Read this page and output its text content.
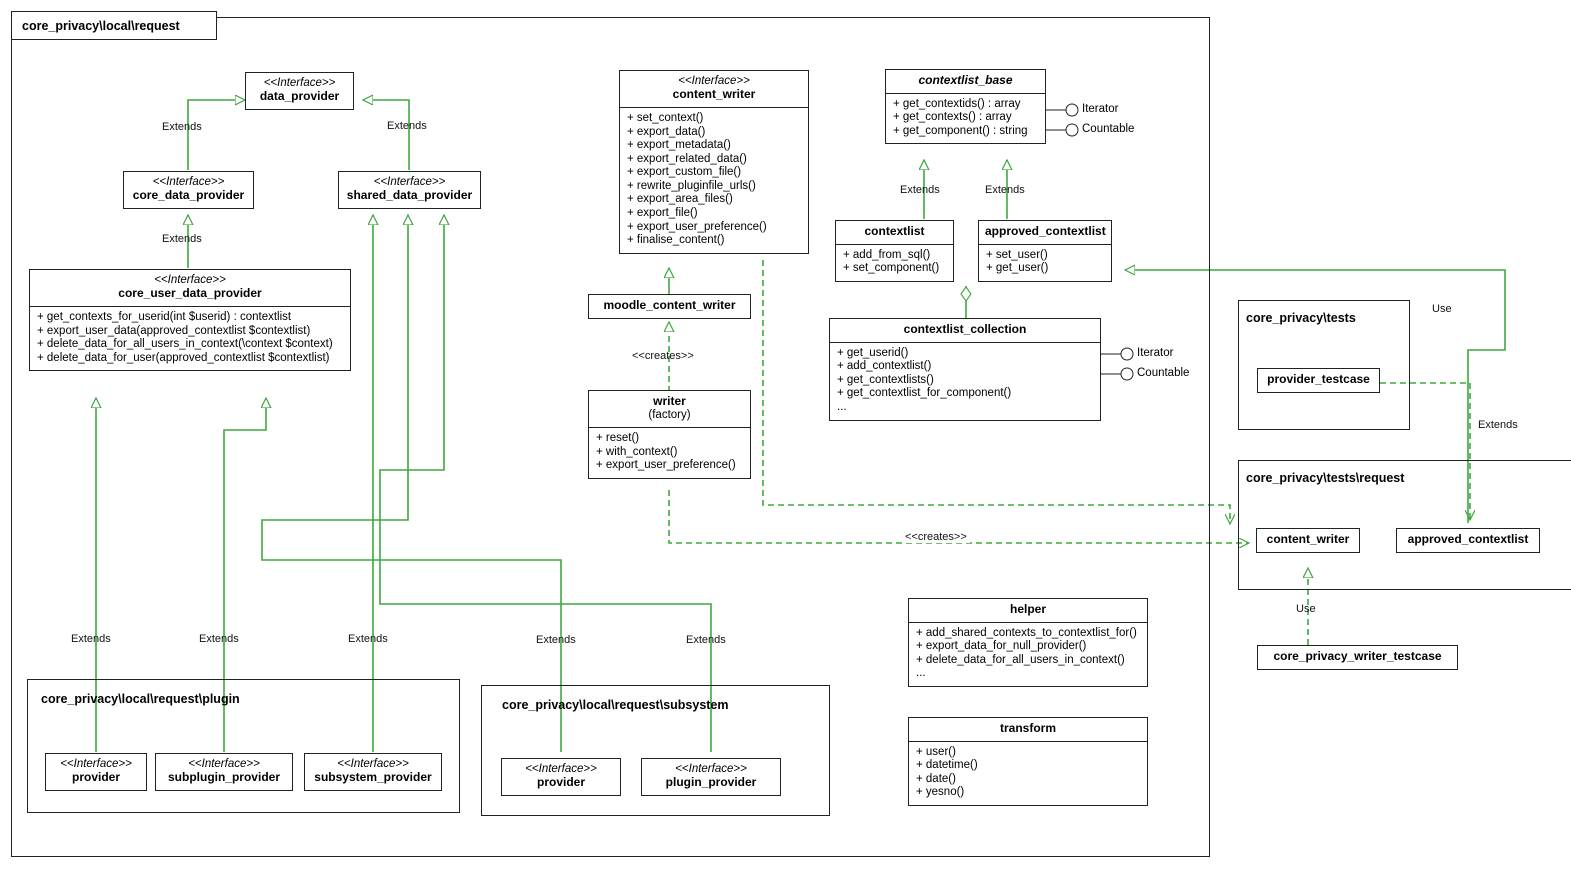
core_privacy\local\request
core_privacy\local\request\plugin	core_privacy\local\request\subsystem
core_privacy\tests
core_privacy\tests\request
<<Interface>>
data_provider
<<Interface>>
core_data_provider
<<Interface>>
shared_data_provider
<<Interface>>
core_user_data_provider
+ get_contexts_for_userid(int $userid) : contextlist
+ export_user_data(approved_contextlist $contextlist)
+ delete_data_for_all_users_in_context(\context $context)
+ delete_data_for_user(approved_contextlist $contextlist)
<<Interface>>
content_writer
+ set_context()
+ export_data()
+ export_metadata()
+ export_related_data()
+ export_custom_file()
+ rewrite_pluginfile_urls()
+ export_area_files()
+ export_file()
+ export_user_preference()
+ finalise_content()
moodle_content_writer
writer
(factory)
+ reset()
+ with_context()
+ export_user_preference()
contextlist_base
+ get_contextids() : array
+ get_contexts() : array
+ get_component() : string
contextlist
+ add_from_sql()
+ set_component()
approved_contextlist
+ set_user()
+ get_user()
contextlist_collection
+ get_userid()
+ add_contextlist()
+ get_contextlists()
+ get_contextlist_for_component()
...
helper
+ add_shared_contexts_to_contextlist_for()
+ export_data_for_null_provider()
+ delete_data_for_all_users_in_context()
...
transform
+ user()
+ datetime()
+ date()
+ yesno()
<<Interface>>
provider
<<Interface>>
subplugin_provider
<<Interface>>
subsystem_provider
<<Interface>>
provider
<<Interface>>
plugin_provider
provider_testcase
content_writer	approved_contextlist
core_privacy_writer_testcase
Iterator
Countable
Iterator
Countable
Extends	Extends
Extends
Extends	Extends
Extends	Extends	Extends	Extends	Extends
Extends
<<creates>>
<<creates>>
Use
Use
